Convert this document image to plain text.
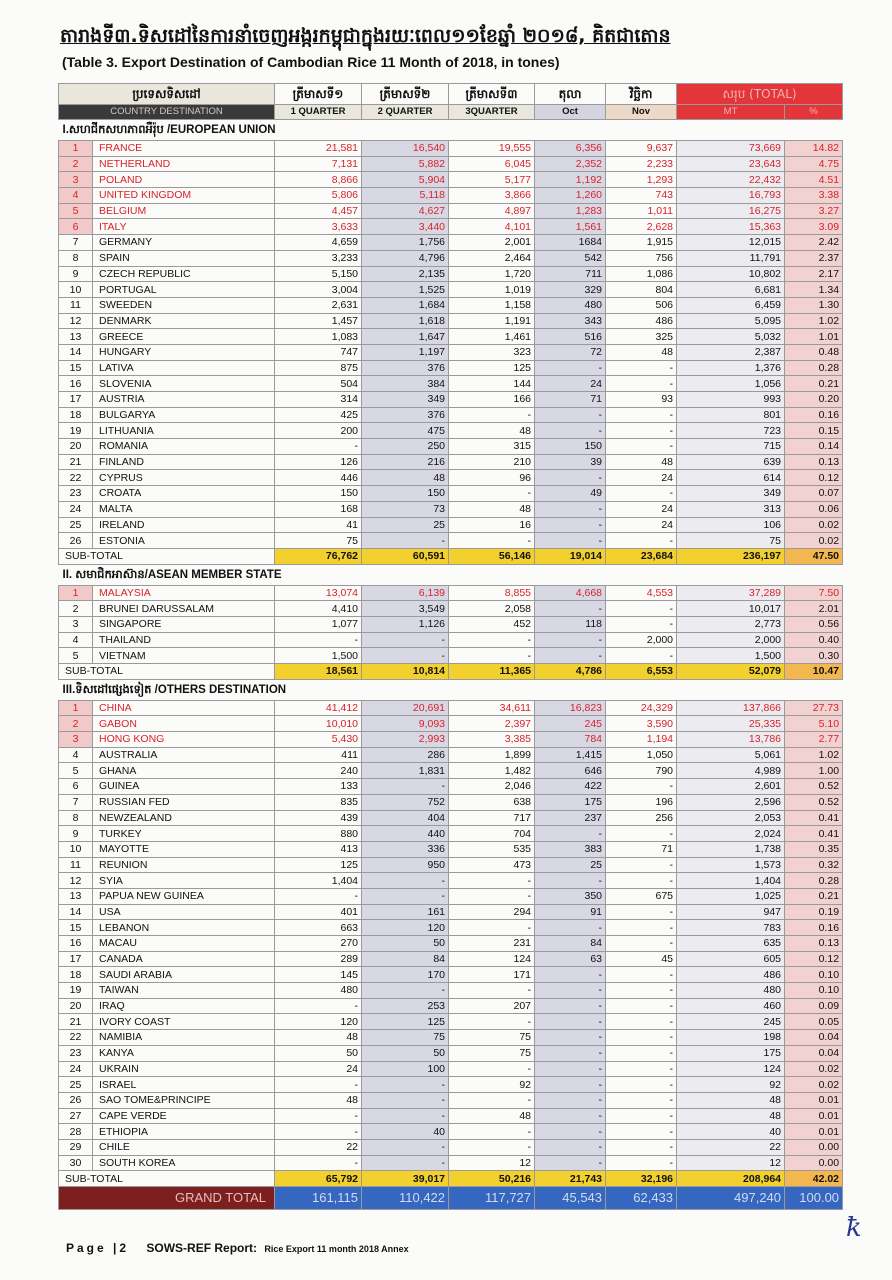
តារាងទី៣.ទិសដៅនៃការនាំចេញអង្ករកម្ពុជាក្នុងរយៈពេល១១ខែឆ្នាំ ២០១៨, គិតជាតោន
(Table 3. Export Destination of Cambodian Rice 11 Month of 2018, in tones)
ប្រទេសទិសដៅ		ត្រីមាសទី១	ត្រីមាសទី២	ត្រីមាសទី៣	តុលា	វិច្ឆិកា	សរុប (TOTAL)	
COUNTRY DESTINATION		1 QUARTER	2 QUARTER	3QUARTER	Oct	Nov	MT	%
I.សហជីកសហភាពអឺរ៉ុប /EUROPEAN UNION								
1	FRANCE	21,581	16,540	19,555	6,356	9,637	73,669	14.82
2	NETHERLAND	7,131	5,882	6,045	2,352	2,233	23,643	4.75
3	POLAND	8,866	5,904	5,177	1,192	1,293	22,432	4.51
4	UNITED KINGDOM	5,806	5,118	3,866	1,260	743	16,793	3.38
5	BELGIUM	4,457	4,627	4,897	1,283	1,011	16,275	3.27
6	ITALY	3,633	3,440	4,101	1,561	2,628	15,363	3.09
7	GERMANY	4,659	1,756	2,001	1684	1,915	12,015	2.42
8	SPAIN	3,233	4,796	2,464	542	756	11,791	2.37
9	CZECH REPUBLIC	5,150	2,135	1,720	711	1,086	10,802	2.17
10	PORTUGAL	3,004	1,525	1,019	329	804	6,681	1.34
11	SWEEDEN	2,631	1,684	1,158	480	506	6,459	1.30
12	DENMARK	1,457	1,618	1,191	343	486	5,095	1.02
13	GREECE	1,083	1,647	1,461	516	325	5,032	1.01
14	HUNGARY	747	1,197	323	72	48	2,387	0.48
15	LATIVA	875	376	125	-	-	1,376	0.28
16	SLOVENIA	504	384	144	24	-	1,056	0.21
17	AUSTRIA	314	349	166	71	93	993	0.20
18	BULGARYA	425	376	-	-	-	801	0.16
19	LITHUANIA	200	475	48	-	-	723	0.15
20	ROMANIA	-	250	315	150	-	715	0.14
21	FINLAND	126	216	210	39	48	639	0.13
22	CYPRUS	446	48	96	-	24	614	0.12
23	CROATA	150	150	-	49	-	349	0.07
24	MALTA	168	73	48	-	24	313	0.06
25	IRELAND	41	25	16	-	24	106	0.02
26	ESTONIA	75	-	-	-	-	75	0.02
SUB-TOTAL		76,762	60,591	56,146	19,014	23,684	236,197	47.50
II. សមាជិកអាស៊ាន/ASEAN MEMBER STATE								
1	MALAYSIA	13,074	6,139	8,855	4,668	4,553	37,289	7.50
2	BRUNEI DARUSSALAM	4,410	3,549	2,058	-	-	10,017	2.01
3	SINGAPORE	1,077	1,126	452	118	-	2,773	0.56
4	THAILAND	-	-	-	-	2,000	2,000	0.40
5	VIETNAM	1,500	-	-	-	-	1,500	0.30
SUB-TOTAL		18,561	10,814	11,365	4,786	6,553	52,079	10.47
III.ទិសដៅផ្សេងទៀត /OTHERS DESTINATION								
1	CHINA	41,412	20,691	34,611	16,823	24,329	137,866	27.73
2	GABON	10,010	9,093	2,397	245	3,590	25,335	5.10
3	HONG KONG	5,430	2,993	3,385	784	1,194	13,786	2.77
4	AUSTRALIA	411	286	1,899	1,415	1,050	5,061	1.02
5	GHANA	240	1,831	1,482	646	790	4,989	1.00
6	GUINEA	133	-	2,046	422	-	2,601	0.52
7	RUSSIAN FED	835	752	638	175	196	2,596	0.52
8	NEWZEALAND	439	404	717	237	256	2,053	0.41
9	TURKEY	880	440	704	-	-	2,024	0.41
10	MAYOTTE	413	336	535	383	71	1,738	0.35
11	REUNION	125	950	473	25	-	1,573	0.32
12	SYIA	1,404	-	-	-	-	1,404	0.28
13	PAPUA NEW GUINEA	-	-	-	350	675	1,025	0.21
14	USA	401	161	294	91	-	947	0.19
15	LEBANON	663	120	-	-	-	783	0.16
16	MACAU	270	50	231	84	-	635	0.13
17	CANADA	289	84	124	63	45	605	0.12
18	SAUDI ARABIA	145	170	171	-	-	486	0.10
19	TAIWAN	480	-	-	-	-	480	0.10
20	IRAQ	-	253	207	-	-	460	0.09
21	IVORY COAST	120	125	-	-	-	245	0.05
22	NAMIBIA	48	75	75	-	-	198	0.04
23	KANYA	50	50	75	-	-	175	0.04
24	UKRAIN	24	100	-	-	-	124	0.02
25	ISRAEL	-	-	92	-	-	92	0.02
26	SAO TOME&PRINCIPE	48	-	-	-	-	48	0.01
27	CAPE VERDE	-	-	48	-	-	48	0.01
28	ETHIOPIA	-	40	-	-	-	40	0.01
29	CHILE	22	-	-	-	-	22	0.00
30	SOUTH KOREA	-	-	12	-	-	12	0.00
SUB-TOTAL		65,792	39,017	50,216	21,743	32,196	208,964	42.02
GRAND TOTAL		161,115	110,422	117,727	45,543	62,433	497,240	100.00
Page |2 SOWS-REF Report: Rice Export 11 month 2018 Annex
ꝁ
